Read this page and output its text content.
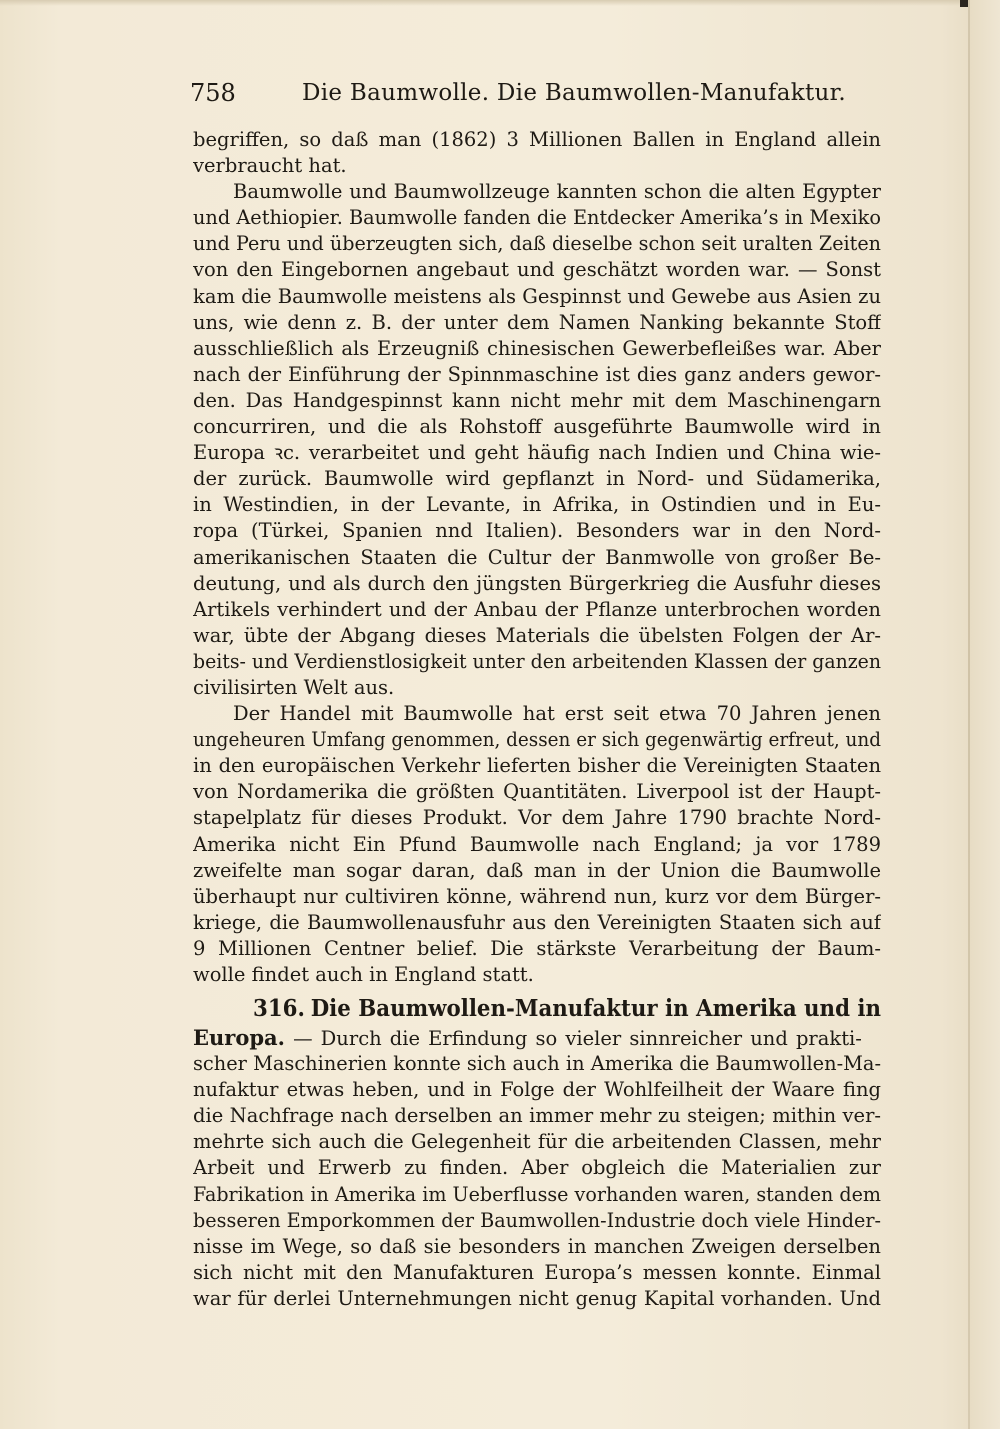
758	Die Baumwolle. Die Baumwollen-Manufaktur.
begriffen, so daß man (1862) 3 Millionen Ballen in England allein
verbraucht hat.
Baumwolle und Baumwollzeuge kannten schon die alten Egypter
und Aethiopier. Baumwolle fanden die Entdecker Amerika’s in Mexiko
und Peru und überzeugten sich, daß dieselbe schon seit uralten Zeiten
von den Eingebornen angebaut und geschätzt worden war. — Sonst
kam die Baumwolle meistens als Gespinnst und Gewebe aus Asien zu
uns, wie denn z. B. der unter dem Namen Nanking bekannte Stoff
ausschließlich als Erzeugniß chinesischen Gewerbefleißes war. Aber
nach der Einführung der Spinnmaschine ist dies ganz anders gewor-
den. Das Handgespinnst kann nicht mehr mit dem Maschinengarn
concurriren, und die als Rohstoff ausgeführte Baumwolle wird in
Europa ꝛc. verarbeitet und geht häufig nach Indien und China wie-
der zurück. Baumwolle wird gepflanzt in Nord- und Südamerika,
in Westindien, in der Levante, in Afrika, in Ostindien und in Eu-
ropa (Türkei, Spanien nnd Italien). Besonders war in den Nord-
amerikanischen Staaten die Cultur der Banmwolle von großer Be-
deutung, und als durch den jüngsten Bürgerkrieg die Ausfuhr dieses
Artikels verhindert und der Anbau der Pflanze unterbrochen worden
war, übte der Abgang dieses Materials die übelsten Folgen der Ar-
beits- und Verdienstlosigkeit unter den arbeitenden Klassen der ganzen
civilisirten Welt aus.
Der Handel mit Baumwolle hat erst seit etwa 70 Jahren jenen
ungeheuren Umfang genommen, dessen er sich gegenwärtig erfreut, und
in den europäischen Verkehr lieferten bisher die Vereinigten Staaten
von Nordamerika die größten Quantitäten. Liverpool ist der Haupt-
stapelplatz für dieses Produkt. Vor dem Jahre 1790 brachte Nord-
Amerika nicht Ein Pfund Baumwolle nach England; ja vor 1789
zweifelte man sogar daran, daß man in der Union die Baumwolle
überhaupt nur cultiviren könne, während nun, kurz vor dem Bürger-
kriege, die Baumwollenausfuhr aus den Vereinigten Staaten sich auf
9 Millionen Centner belief. Die stärkste Verarbeitung der Baum-
wolle findet auch in England statt.
316. Die Baumwollen-Manufaktur in Amerika und in
Europa. — Durch die Erfindung so vieler sinnreicher und prakti-
scher Maschinerien konnte sich auch in Amerika die Baumwollen-Ma-
nufaktur etwas heben, und in Folge der Wohlfeilheit der Waare fing
die Nachfrage nach derselben an immer mehr zu steigen; mithin ver-
mehrte sich auch die Gelegenheit für die arbeitenden Classen, mehr
Arbeit und Erwerb zu finden. Aber obgleich die Materialien zur
Fabrikation in Amerika im Ueberflusse vorhanden waren, standen dem
besseren Emporkommen der Baumwollen-Industrie doch viele Hinder-
nisse im Wege, so daß sie besonders in manchen Zweigen derselben
sich nicht mit den Manufakturen Europa’s messen konnte. Einmal
war für derlei Unternehmungen nicht genug Kapital vorhanden. Und
